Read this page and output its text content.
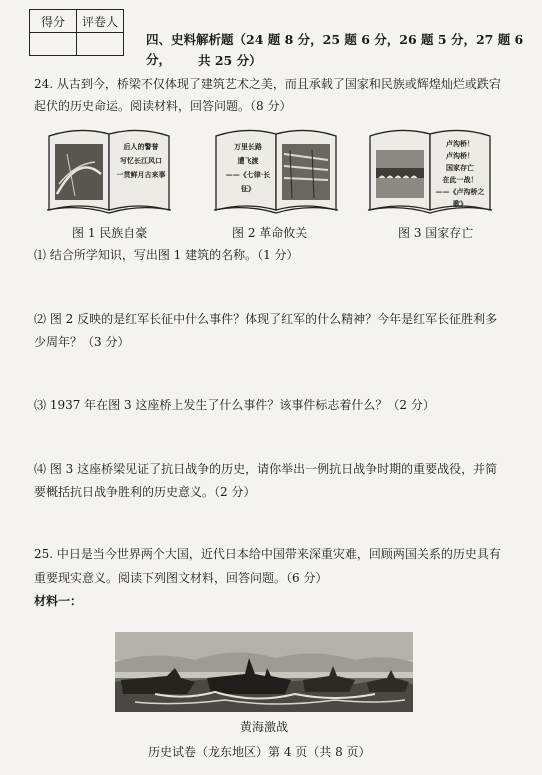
得分	评卷人

四、史料解析题（24 题 8 分，25 题 6 分，26 题 5 分，27 题 6 分，	共 25 分）
24. 从古到今，桥梁不仅体现了建筑艺术之美，而且承载了国家和民族或辉煌灿烂或跌宕
起伏的历史命运。阅读材料，回答问题。（8 分）
后人的警誉
写忆长江风口
一贯鲜月古来事
万里长路
遭飞渡
——《七律·长征》
卢沟桥！
卢沟桥！
国家存亡
在此一战！
——《卢沟桥之歌》
图 1 民族自豪	图 2 革命攸关	图 3 国家存亡
⑴ 结合所学知识，写出图 1 建筑的名称。（1 分）
⑵ 图 2 反映的是红军长征中什么事件？体现了红军的什么精神？今年是红军长征胜利多
少周年？（3 分）
⑶ 1937 年在图 3 这座桥上发生了什么事件？该事件标志着什么？（2 分）
⑷ 图 3 这座桥梁见证了抗日战争的历史，请你举出一例抗日战争时期的重要战役，并简
要概括抗日战争胜利的历史意义。（2 分）
25. 中日是当今世界两个大国，近代日本给中国带来深重灾难，回顾两国关系的历史具有
重要现实意义。阅读下列图文材料，回答问题。（6 分）
材料一：
黄海激战
历史试卷（龙东地区）第 4 页（共 8 页）
